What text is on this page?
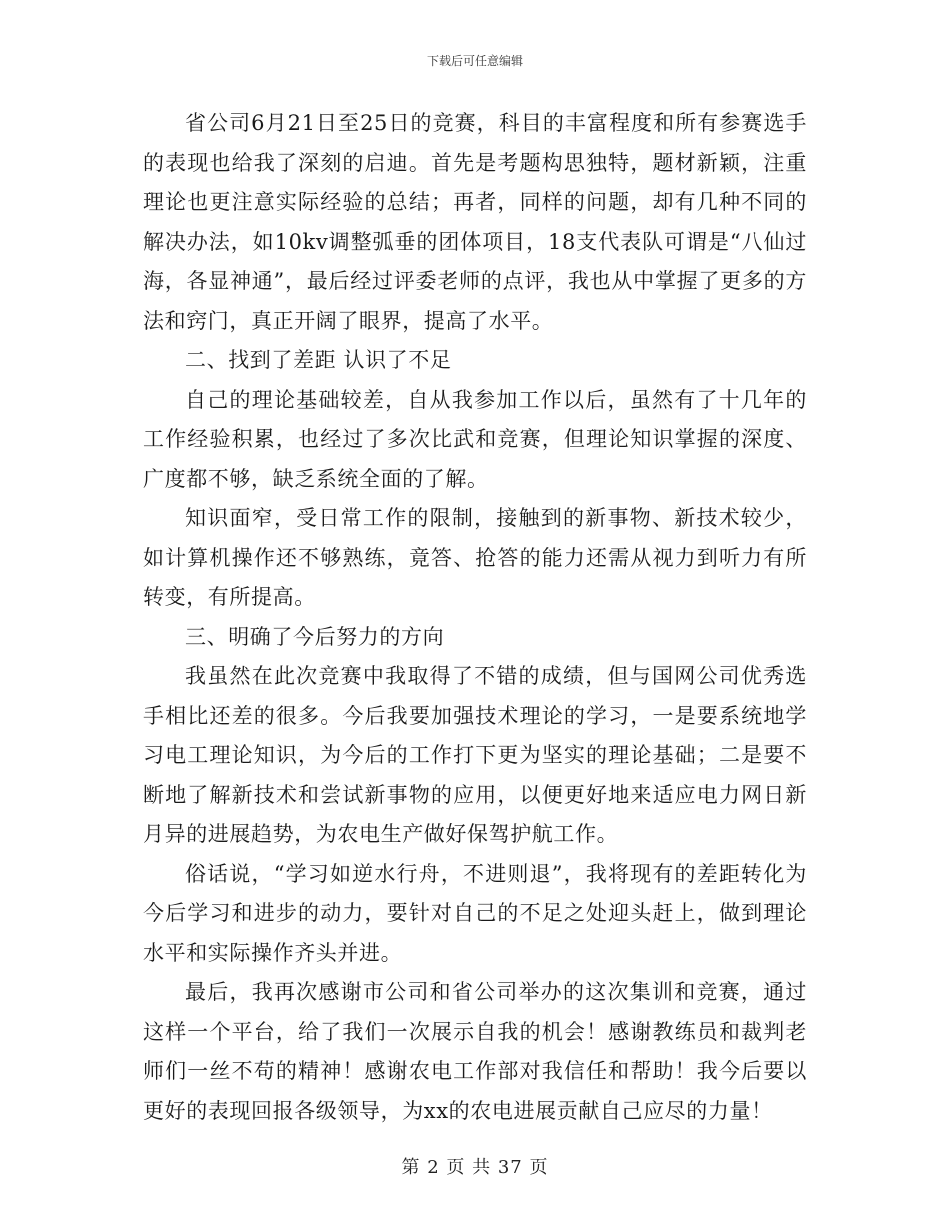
下载后可任意编辑

省公司6月21日至25日的竞赛，科目的丰富程度和所有参赛选手的表现也给我了深刻的启迪。首先是考题构思独特，题材新颖，注重理论也更注意实际经验的总结；再者，同样的问题，却有几种不同的解决办法，如10kv调整弧垂的团体项目，18支代表队可谓是“八仙过海，各显神通”，最后经过评委老师的点评，我也从中掌握了更多的方法和窍门，真正开阔了眼界，提高了水平。

二、找到了差距 认识了不足

自己的理论基础较差，自从我参加工作以后，虽然有了十几年的工作经验积累，也经过了多次比武和竞赛，但理论知识掌握的深度、广度都不够，缺乏系统全面的了解。

知识面窄，受日常工作的限制，接触到的新事物、新技术较少，如计算机操作还不够熟练，竟答、抢答的能力还需从视力到听力有所转变，有所提高。

三、明确了今后努力的方向

我虽然在此次竞赛中我取得了不错的成绩，但与国网公司优秀选手相比还差的很多。今后我要加强技术理论的学习，一是要系统地学习电工理论知识，为今后的工作打下更为坚实的理论基础；二是要不断地了解新技术和尝试新事物的应用，以便更好地来适应电力网日新月异的进展趋势，为农电生产做好保驾护航工作。

俗话说，“学习如逆水行舟，不进则退”，我将现有的差距转化为今后学习和进步的动力，要针对自己的不足之处迎头赶上，做到理论水平和实际操作齐头并进。

最后，我再次感谢市公司和省公司举办的这次集训和竞赛，通过这样一个平台，给了我们一次展示自我的机会！感谢教练员和裁判老师们一丝不苟的精神！感谢农电工作部对我信任和帮助！我今后要以更好的表现回报各级领导，为xx的农电进展贡献自己应尽的力量！

第 2 页 共 37 页
